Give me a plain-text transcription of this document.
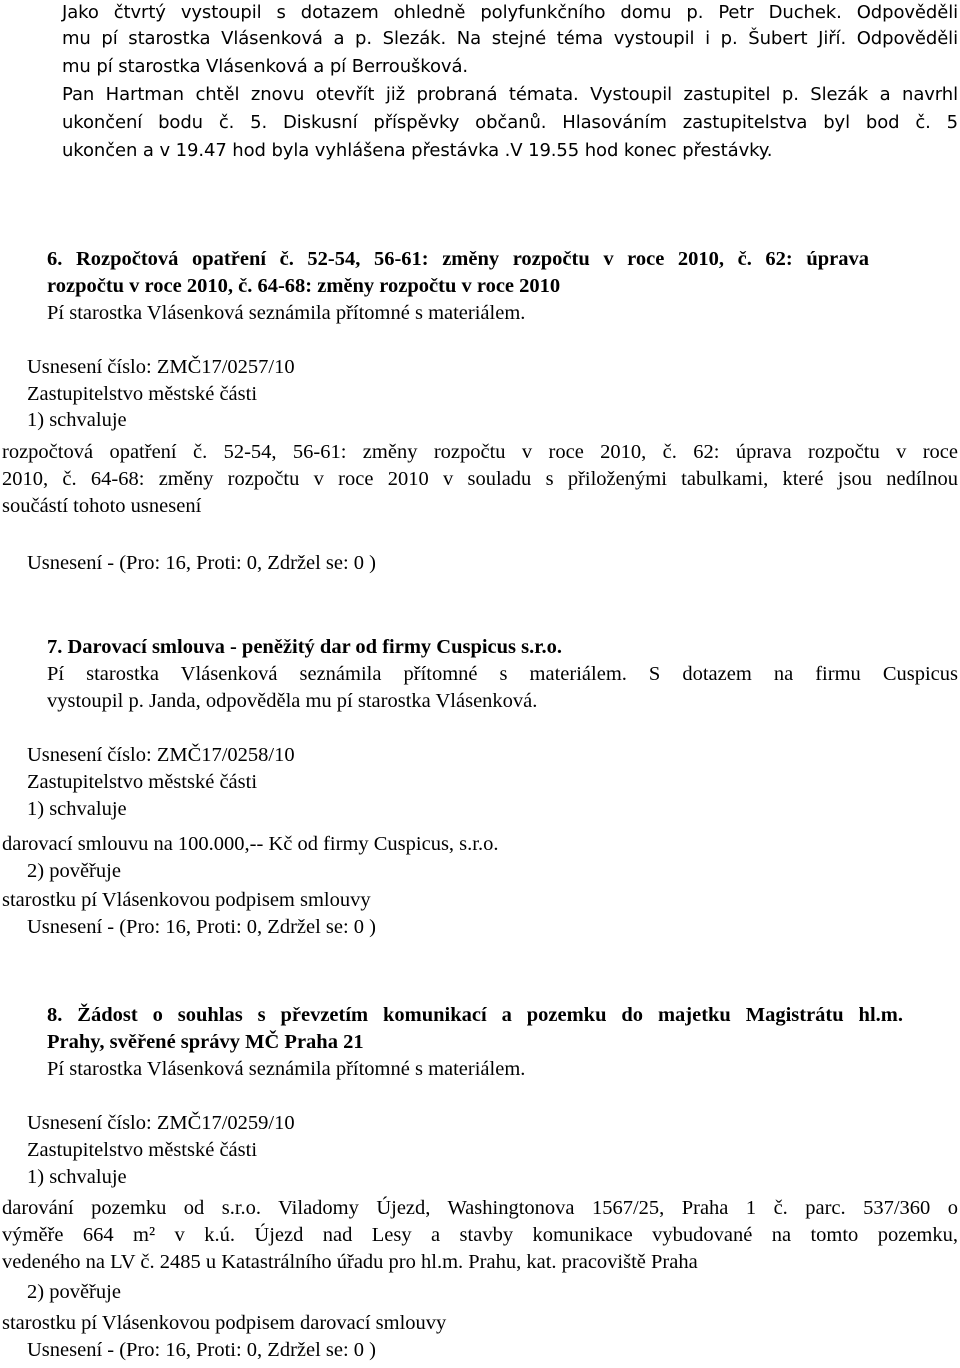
Jako čtvrtý vystoupil s dotazem ohledně polyfunkčního domu p. Petr Duchek. Odpověděli
mu pí starostka Vlásenková a p. Slezák. Na stejné téma vystoupil i p. Šubert Jiří. Odpověděli
mu pí starostka Vlásenková a pí Berroušková.
Pan Hartman chtěl znovu otevřít již probraná témata. Vystoupil zastupitel p. Slezák a navrhl
ukončení bodu č. 5. Diskusní příspěvky občanů. Hlasováním zastupitelstva byl bod č. 5
ukončen a v 19.47 hod byla vyhlášena přestávka .V 19.55 hod konec přestávky.
6. Rozpočtová opatření č. 52-54, 56-61: změny rozpočtu v roce 2010, č. 62: úprava
rozpočtu v roce 2010, č. 64-68: změny rozpočtu v roce 2010
Pí starostka Vlásenková seznámila přítomné s materiálem.
Usnesení číslo: ZMČ17/0257/10
Zastupitelstvo městské části
1) schvaluje
rozpočtová opatření č. 52-54, 56-61: změny rozpočtu v roce 2010, č. 62: úprava rozpočtu v roce
2010, č. 64-68: změny rozpočtu v roce 2010 v souladu s přiloženými tabulkami, které jsou nedílnou
součástí tohoto usnesení
Usnesení - (Pro: 16, Proti: 0, Zdržel se: 0 )
7. Darovací smlouva - peněžitý dar od firmy Cuspicus s.r.o.
Pí starostka Vlásenková seznámila přítomné s materiálem. S dotazem na firmu Cuspicus
vystoupil p. Janda, odpověděla mu pí starostka Vlásenková.
Usnesení číslo: ZMČ17/0258/10
Zastupitelstvo městské části
1) schvaluje
darovací smlouvu na 100.000,-- Kč od firmy Cuspicus, s.r.o.
2) pověřuje
starostku pí Vlásenkovou podpisem smlouvy
Usnesení - (Pro: 16, Proti: 0, Zdržel se: 0 )
8. Žádost o souhlas s převzetím komunikací a pozemku do majetku Magistrátu hl.m.
Prahy, svěřené správy MČ Praha 21
Pí starostka Vlásenková seznámila přítomné s materiálem.
Usnesení číslo: ZMČ17/0259/10
Zastupitelstvo městské části
1) schvaluje
darování pozemku od s.r.o. Viladomy Újezd, Washingtonova 1567/25, Praha 1 č. parc. 537/360 o
výměře 664 m² v k.ú. Újezd nad Lesy a stavby komunikace vybudované na tomto pozemku,
vedeného na LV č. 2485 u Katastrálního úřadu pro hl.m. Prahu, kat. pracoviště Praha
2) pověřuje
starostku pí Vlásenkovou podpisem darovací smlouvy
Usnesení - (Pro: 16, Proti: 0, Zdržel se: 0 )
